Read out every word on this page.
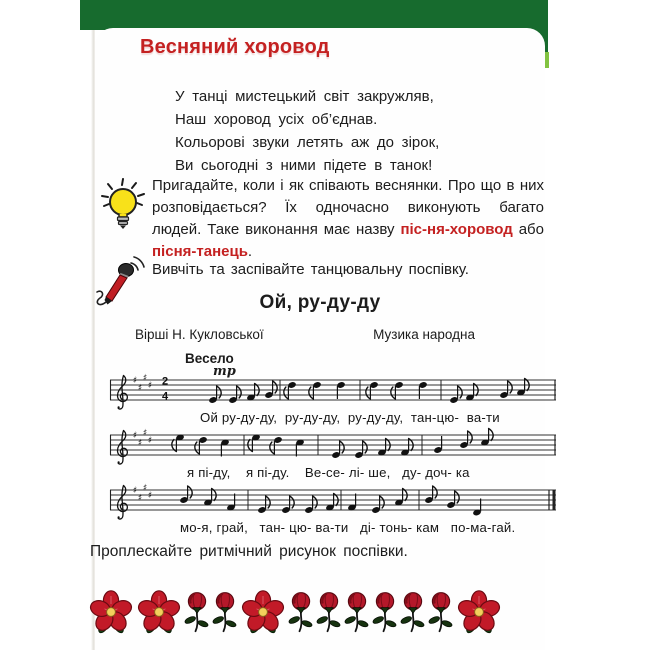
Весняний хоровод
У танці мистецький світ закружляв,
Наш хоровод усіх об’єднав.
Кольорові звуки летять аж до зірок,
Ви сьогодні з ними підете в танок!

Пригадайте, коли і як співають веснянки. Про що в них розповідається? Їх одночасно виконують багато людей. Таке виконання має назву піс-ня-хоровод або пісня-танець.

Вивчіть та заспівайте танцювальну поспівку.

Ой, ру-ду-ду
Вірші Н. Кукловської	Музика народна
Весело
mp
♯
♯
♯
♯ 2
4
Ой ру-ду-ду,  ру-ду-ду,  ру-ду-ду,  тан-цю-  ва-ти
♯
♯
♯
♯
я пі-ду,    я пі-ду.    Ве-се- лі- ше,   ду- доч- ка
♯
♯
♯
♯
мо-я, грай,   тан- цю- ва-ти   ді- тонь- кам   по-ма-гай.

Проплескайте ритмічний рисунок поспівки.
